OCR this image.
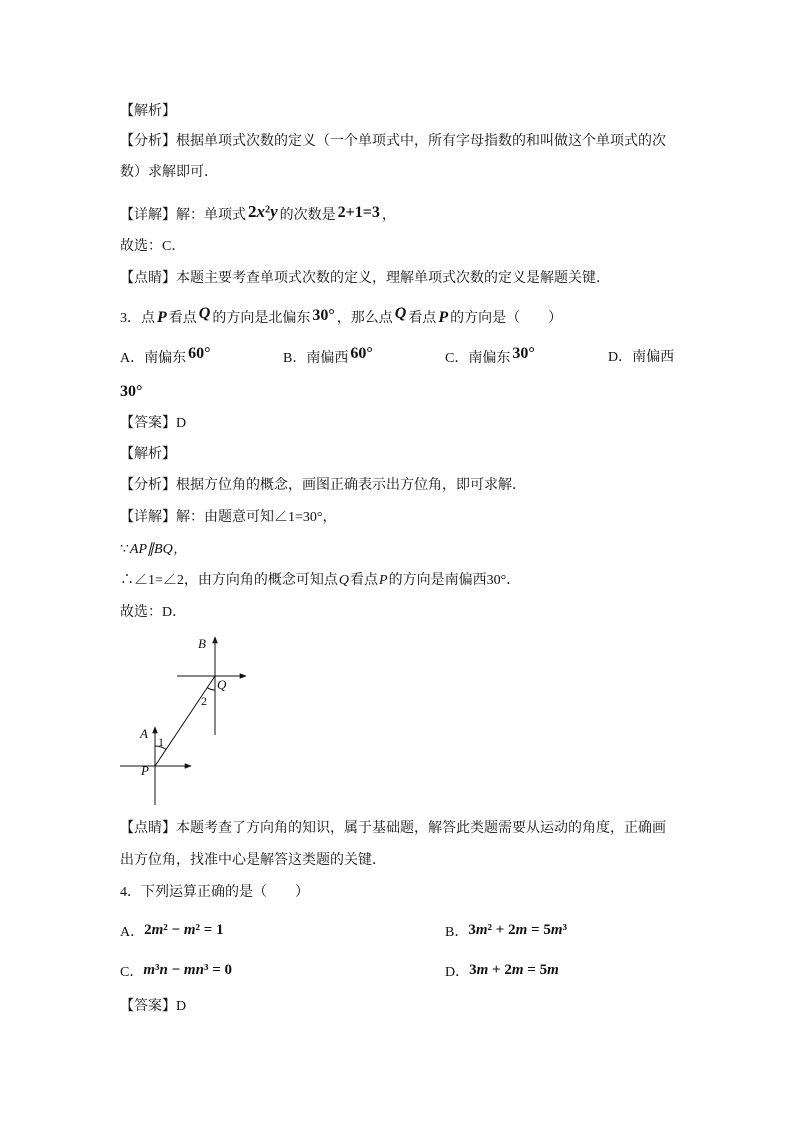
【解析】
【分析】根据单项式次数的定义（一个单项式中，所有字母指数的和叫做这个单项式的次
数）求解即可．
【详解】解：单项式 2x²y 的次数是 2+1=3 ，
故选：C．
【点睛】本题主要考查单项式次数的定义，理解单项式次数的定义是解题关键．
3．点 P 看点 Q 的方向是北偏东 30° ，那么点 Q 看点 P 的方向是（　　）
A．南偏东 60°	B．南偏西 60°	C．南偏东 30°	D．南偏西
30°
【答案】D
【解析】
【分析】根据方位角的概念，画图正确表示出方位角，即可求解．
【详解】解：由题意可知∠1=30°，
∵AP∥BQ,
∴∠1=∠2，由方向角的概念可知点Q看点P的方向是南偏西30°．
故选：D．
B
Q
2
A
1
P
【点睛】本题考查了方向角的知识，属于基础题，解答此类题需要从运动的角度，正确画
出方位角，找准中心是解答这类题的关键．
4．下列运算正确的是（　　）
A．2m² − m² = 1	B．3m² + 2m = 5m³
C．m³n − mn³ = 0	D．3m + 2m = 5m
【答案】D
